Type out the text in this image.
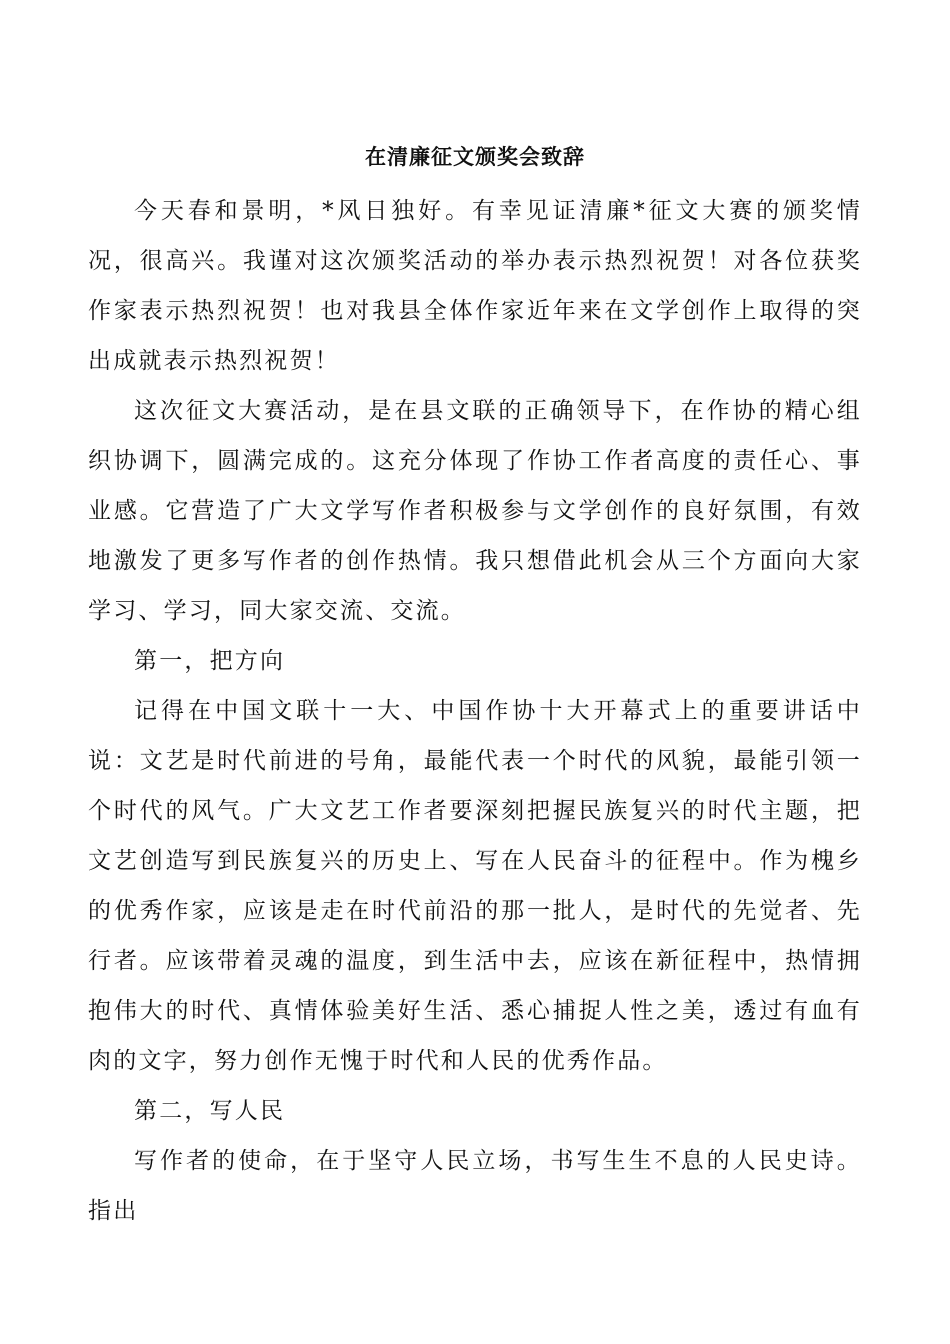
在清廉征文颁奖会致辞

今天春和景明，*风日独好。有幸见证清廉*征文大赛的颁奖情况，很高兴。我谨对这次颁奖活动的举办表示热烈祝贺！对各位获奖作家表示热烈祝贺！也对我县全体作家近年来在文学创作上取得的突出成就表示热烈祝贺！

这次征文大赛活动，是在县文联的正确领导下，在作协的精心组织协调下，圆满完成的。这充分体现了作协工作者高度的责任心、事业感。它营造了广大文学写作者积极参与文学创作的良好氛围，有效地激发了更多写作者的创作热情。我只想借此机会从三个方面向大家学习、学习，同大家交流、交流。

第一，把方向

记得在中国文联十一大、中国作协十大开幕式上的重要讲话中说：文艺是时代前进的号角，最能代表一个时代的风貌，最能引领一个时代的风气。广大文艺工作者要深刻把握民族复兴的时代主题，把文艺创造写到民族复兴的历史上、写在人民奋斗的征程中。作为槐乡的优秀作家，应该是走在时代前沿的那一批人，是时代的先觉者、先行者。应该带着灵魂的温度，到生活中去，应该在新征程中，热情拥抱伟大的时代、真情体验美好生活、悉心捕捉人性之美，透过有血有肉的文字，努力创作无愧于时代和人民的优秀作品。

第二，写人民

写作者的使命，在于坚守人民立场，书写生生不息的人民史诗。指出
